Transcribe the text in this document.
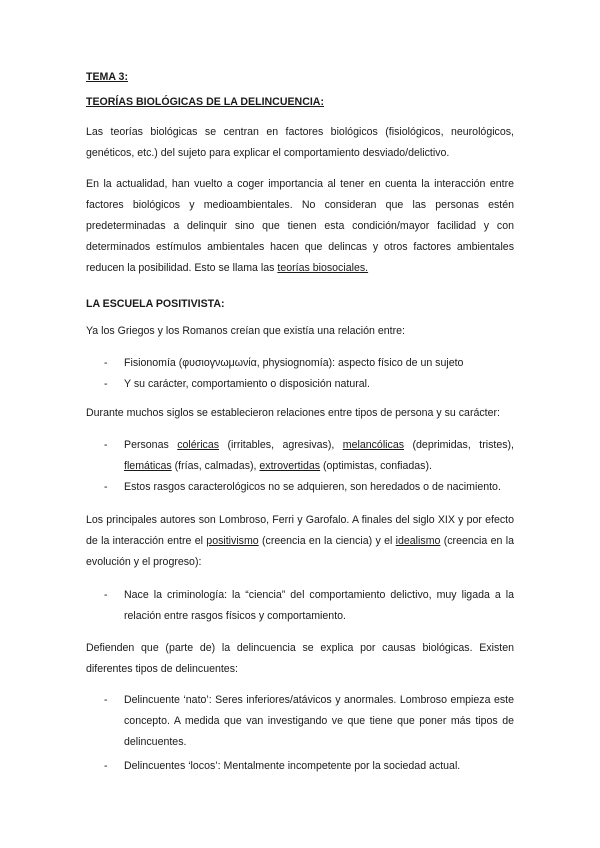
TEMA 3:
TEORÍAS BIOLÓGICAS DE LA DELINCUENCIA:

Las teorías biológicas se centran en factores biológicos (fisiológicos, neurológicos, genéticos, etc.) del sujeto para explicar el comportamiento desviado/delictivo.

En la actualidad, han vuelto a coger importancia al tener en cuenta la interacción entre factores biológicos y medioambientales. No consideran que las personas estén predeterminadas a delinquir sino que tienen esta condición/mayor facilidad y con determinados estímulos ambientales hacen que delincas y otros factores ambientales reducen la posibilidad. Esto se llama las teorías biosociales.

LA ESCUELA POSITIVISTA:

Ya los Griegos y los Romanos creían que existía una relación entre:

- Fisionomía (φυσιογνωμωνία, physiognomía): aspecto físico de un sujeto
- Y su carácter, comportamiento o disposición natural.

Durante muchos siglos se establecieron relaciones entre tipos de persona y su carácter:

- Personas coléricas (irritables, agresivas), melancólicas (deprimidas, tristes), flemáticas (frías, calmadas), extrovertidas (optimistas, confiadas).
- Estos rasgos caracterológicos no se adquieren, son heredados o de nacimiento.

Los principales autores son Lombroso, Ferri y Garofalo. A finales del siglo XIX y por efecto de la interacción entre el positivismo (creencia en la ciencia) y el idealismo (creencia en la evolución y el progreso):

- Nace la criminología: la “ciencia” del comportamiento delictivo, muy ligada a la relación entre rasgos físicos y comportamiento.

Defienden que (parte de) la delincuencia se explica por causas biológicas. Existen diferentes tipos de delincuentes:

- Delincuente ‘nato’: Seres inferiores/atávicos y anormales. Lombroso empieza este concepto. A medida que van investigando ve que tiene que poner más tipos de delincuentes.
- Delincuentes ‘locos’: Mentalmente incompetente por la sociedad actual.
